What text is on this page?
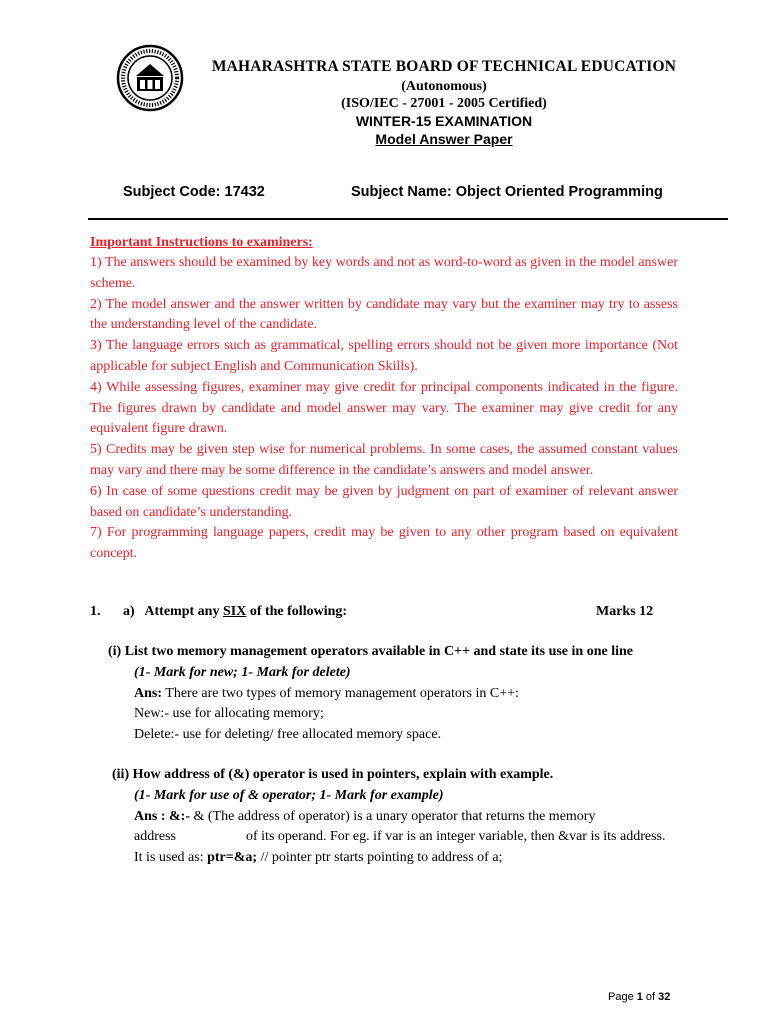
MAHARASHTRA STATE BOARD OF TECHNICAL EDUCATION
(Autonomous)
(ISO/IEC - 27001 - 2005 Certified)
WINTER-15 EXAMINATION
Model Answer Paper
Subject Code: 17432	Subject Name: Object Oriented Programming
Important Instructions to examiners:
1) The answers should be examined by key words and not as word-to-word as given in the model answer scheme.
2) The model answer and the answer written by candidate may vary but the examiner may try to assess the understanding level of the candidate.
3) The language errors such as grammatical, spelling errors should not be given more importance (Not applicable for subject English and Communication Skills).
4) While assessing figures, examiner may give credit for principal components indicated in the figure. The figures drawn by candidate and model answer may vary. The examiner may give credit for any equivalent figure drawn.
5) Credits may be given step wise for numerical problems. In some cases, the assumed constant values may vary and there may be some difference in the candidate’s answers and model answer.
6) In case of some questions credit may be given by judgment on part of examiner of relevant answer based on candidate’s understanding.
7) For programming language papers, credit may be given to any other program based on equivalent concept.
1. a) Attempt any SIX of the following:	Marks 12
(i) List two memory management operators available in C++ and state its use in one line
(1- Mark for new; 1- Mark for delete)
Ans: There are two types of memory management operators in C++:
New:- use for allocating memory;
Delete:- use for deleting/ free allocated memory space.
(ii) How address of (&) operator is used in pointers, explain with example.
(1- Mark for use of & operator; 1- Mark for example)
Ans : &:- & (The address of operator) is a unary operator that returns the memory
address	of its operand. For eg. if var is an integer variable, then &var is its address.
It is used as: ptr=&a; // pointer ptr starts pointing to address of a;
Page 1 of 32
